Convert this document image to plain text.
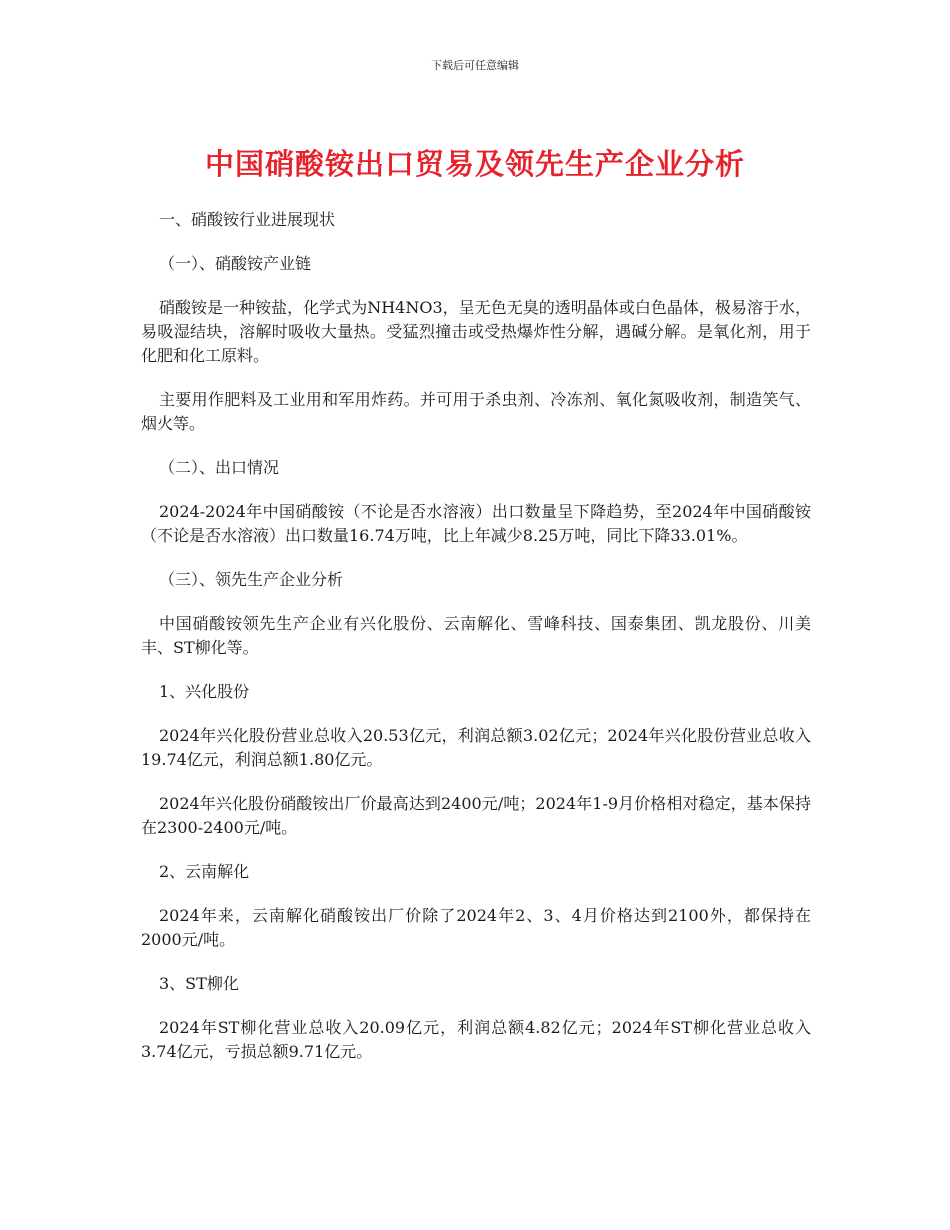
下载后可任意编辑
中国硝酸铵出口贸易及领先生产企业分析

一、硝酸铵行业进展现状

（一）、硝酸铵产业链

硝酸铵是一种铵盐，化学式为NH4NO3，呈无色无臭的透明晶体或白色晶体，极易溶于水，易吸湿结块，溶解时吸收大量热。受猛烈撞击或受热爆炸性分解，遇碱分解。是氧化剂，用于化肥和化工原料。

主要用作肥料及工业用和军用炸药。并可用于杀虫剂、冷冻剂、氧化氮吸收剂，制造笑气、烟火等。

（二）、出口情况

2024-2024年中国硝酸铵（不论是否水溶液）出口数量呈下降趋势，至2024年中国硝酸铵（不论是否水溶液）出口数量16.74万吨，比上年减少8.25万吨，同比下降33.01%。

（三）、领先生产企业分析

中国硝酸铵领先生产企业有兴化股份、云南解化、雪峰科技、国泰集团、凯龙股份、川美丰、ST柳化等。

1、兴化股份

2024年兴化股份营业总收入20.53亿元，利润总额3.02亿元；2024年兴化股份营业总收入19.74亿元，利润总额1.80亿元。

2024年兴化股份硝酸铵出厂价最高达到2400元/吨；2024年1-9月价格相对稳定，基本保持在2300-2400元/吨。

2、云南解化

2024年来，云南解化硝酸铵出厂价除了2024年2、3、4月价格达到2100外，都保持在2000元/吨。

3、ST柳化

2024年ST柳化营业总收入20.09亿元，利润总额4.82亿元；2024年ST柳化营业总收入3.74亿元，亏损总额9.71亿元。
